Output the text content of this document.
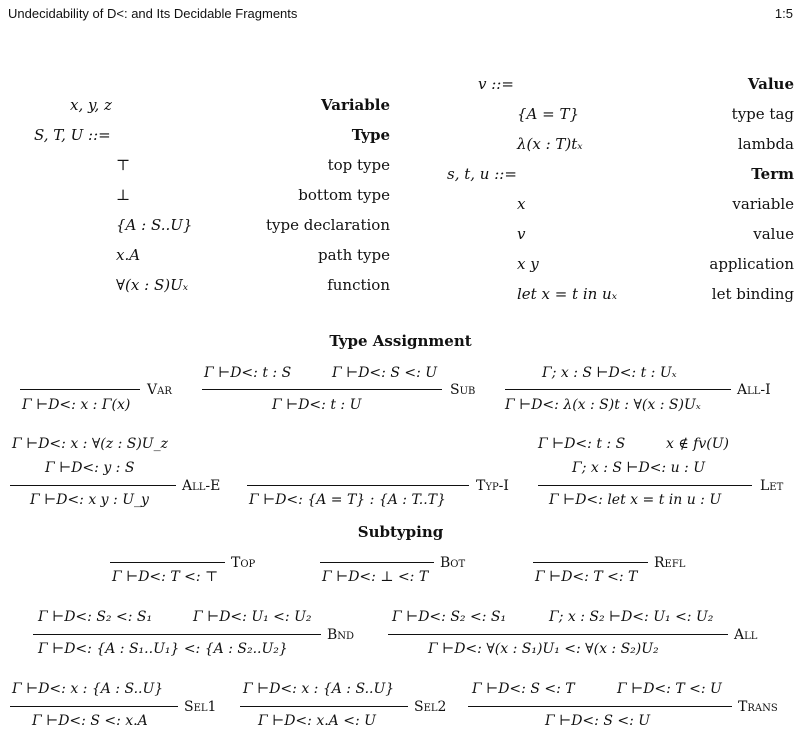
Undecidability of D<: and Its Decidable Fragments	1:5
x, y, z	Variable
S, T, U ::=	Type
⊤	top type
⊥	bottom type
{A : S..U}	type declaration
x.A	path type
∀(x : S)Uₓ	function
v ::=	Value
{A = T}	type tag
λ(x : T)tₓ	lambda
s, t, u ::=	Term
x	variable
v	value
x y	application
let x = t in uₓ	let binding
Type Assignment
Γ ⊢D<: x : Γ(x)
Var
Γ ⊢D<: t : S	Γ ⊢D<: S <: U
Γ ⊢D<: t : U
Sub
Γ; x : S ⊢D<: t : Uₓ
Γ ⊢D<: λ(x : S)t : ∀(x : S)Uₓ
All-I
Γ ⊢D<: x : ∀(z : S)U_z
Γ ⊢D<: y : S
Γ ⊢D<: x y : U_y
All-E
Γ ⊢D<: {A = T} : {A : T..T}
Typ-I
Γ ⊢D<: t : S	x ∉ fv(U)
Γ; x : S ⊢D<: u : U
Γ ⊢D<: let x = t in u : U
Let
Subtyping
Γ ⊢D<: T <: ⊤
Top
Γ ⊢D<: ⊥ <: T
Bot
Γ ⊢D<: T <: T
Refl
Γ ⊢D<: S₂ <: S₁	Γ ⊢D<: U₁ <: U₂
Γ ⊢D<: {A : S₁..U₁} <: {A : S₂..U₂}
Bnd
Γ ⊢D<: S₂ <: S₁	Γ; x : S₂ ⊢D<: U₁ <: U₂
Γ ⊢D<: ∀(x : S₁)U₁ <: ∀(x : S₂)U₂
All
Γ ⊢D<: x : {A : S..U}
Γ ⊢D<: S <: x.A
Sel1
Γ ⊢D<: x : {A : S..U}
Γ ⊢D<: x.A <: U
Sel2
Γ ⊢D<: S <: T	Γ ⊢D<: T <: U
Γ ⊢D<: S <: U
Trans
